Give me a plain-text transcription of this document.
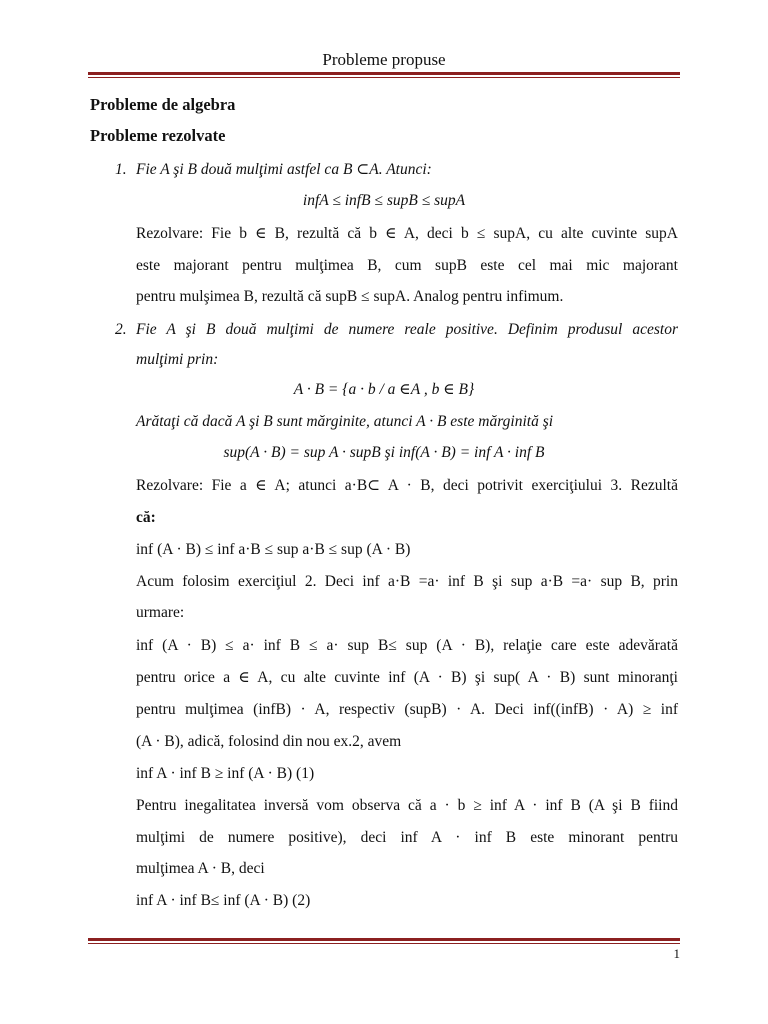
Probleme propuse
Probleme de algebra
Probleme rezolvate
1. Fie A şi B două mulţimi astfel ca B ⊂A. Atunci:
infA ≤ infB ≤ supB ≤ supA
Rezolvare: Fie b ∈ B, rezultă că b ∈ A, deci b ≤ supA, cu alte cuvinte supA
este majorant pentru mulţimea B, cum supB este cel mai mic majorant
pentru mulşimea B, rezultă că supB ≤ supA. Analog pentru infimum.
2. Fie A şi B două mulţimi de numere reale positive. Definim produsul acestor
mulţimi prin:
A · B = {a · b / a ∈A , b ∈ B}
Arătaţi că dacă A şi B sunt mărginite, atunci A · B este mărginită şi
sup(A · B) = sup A · supB şi inf(A · B) = inf A · inf B
Rezolvare: Fie a ∈ A; atunci a·B⊂ A · B, deci potrivit exerciţiului 3. Rezultă
că:
inf (A · B) ≤ inf a·B ≤ sup a·B ≤ sup (A · B)
Acum folosim exerciţiul 2. Deci inf a·B =a· inf B şi sup a·B =a· sup B, prin
urmare:
inf (A · B) ≤ a· inf B ≤ a· sup B≤ sup (A · B), relaţie care este adevărată
pentru orice a ∈ A, cu alte cuvinte inf (A · B) şi sup( A · B) sunt minoranţi
pentru mulţimea (infB) · A, respectiv (supB) · A. Deci inf((infB) · A) ≥ inf
(A · B), adică, folosind din nou ex.2, avem
inf A · inf B ≥ inf (A · B) (1)
Pentru inegalitatea inversă vom observa că a · b ≥ inf A · inf B (A şi B fiind
mulţimi de numere positive), deci inf A · inf B este minorant pentru
mulţimea A · B, deci
inf A · inf B≤ inf (A · B) (2)
1
